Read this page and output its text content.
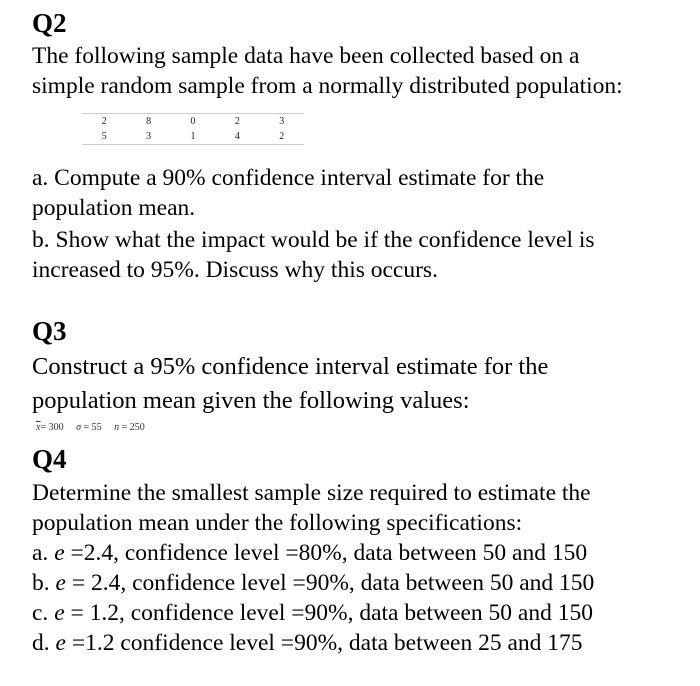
Q2

The following sample data have been collected based on a
simple random sample from a normally distributed population:

2	8	0	2	3
5	3	1	4	2

a. Compute a 90% confidence interval estimate for the
population mean.

b. Show what the impact would be if the confidence level is
increased to 95%. Discuss why this occurs.

Q3

Construct a 95% confidence interval estimate for the
population mean given the following values:

$\overline{x}= 300$ σ = 55 n = 250
Q4

Determine the smallest sample size required to estimate the
population mean under the following specifications:
a. e =2.4, confidence level =80%, data between 50 and 150
b. e = 2.4, confidence level =90%, data between 50 and 150
c. e = 1.2, confidence level =90%, data between 50 and 150
d. e =1.2 confidence level =90%, data between 25 and 175
